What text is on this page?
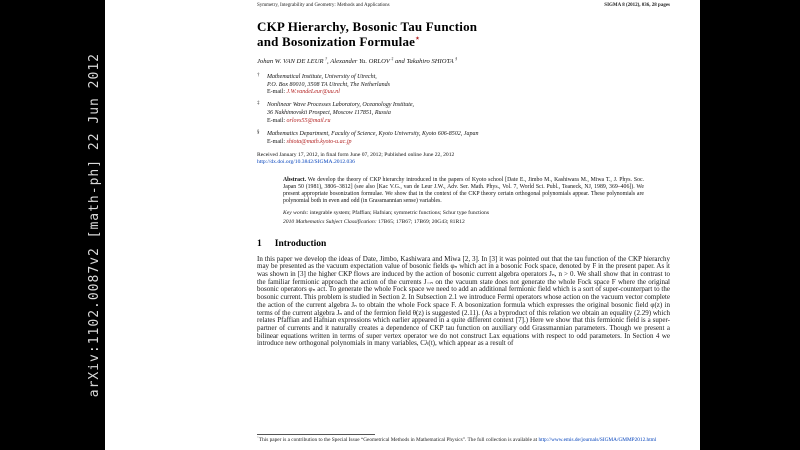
arXiv:1102.0087v2 [math-ph] 22 Jun 2012
Symmetry, Integrability and Geometry: Methods and Applications	SIGMA 8 (2012), 036, 28 pages
CKP Hierarchy, Bosonic Tau Function
and Bosonization Formulae⋆
Johan W. VAN DE LEUR †, Alexander Yu. ORLOV ‡ and Takahiro SHIOTA §
† Mathematical Institute, University of Utrecht,
P.O. Box 80010, 3508 TA Utrecht, The Netherlands
E-mail: J.W.vandeLeur@uu.nl
‡ Nonlinear Wave Processes Laboratory, Oceanology Institute,
36 Nakhimovskii Prospect, Moscow 117851, Russia
E-mail: orlovs55@mail.ru
§ Mathematics Department, Faculty of Science, Kyoto University, Kyoto 606-8502, Japan
E-mail: shiota@math.kyoto-u.ac.jp
Received January 17, 2012, in final form June 07, 2012; Published online June 22, 2012
http://dx.doi.org/10.3842/SIGMA.2012.036
Abstract. We develop the theory of CKP hierarchy introduced in the papers of Kyoto school [Date E., Jimbo M., Kashiwara M., Miwa T., J. Phys. Soc. Japan 50 (1981), 3806–3812] (see also [Kac V.G., van de Leur J.W., Adv. Ser. Math. Phys., Vol. 7, World Sci. Publ., Teaneck, NJ, 1989, 369–406]). We present appropriate bosonization formulae. We show that in the context of the CKP theory certain orthogonal polynomials appear. These polynomials are polynomial both in even and odd (in Grassmannian sense) variables.
Key words: integrable system; Pfaffian; Hafnian; symmetric functions; Schur type functions
2010 Mathematics Subject Classification: 17B65; 17B67; 17B69; 20G43; 81R12
1 Introduction

In this paper we develop the ideas of Date, Jimbo, Kashiwara and Miwa [2, 3]. In [3] it was pointed out that the tau function of the CKP hierarchy may be presented as the vacuum expectation value of bosonic fields φₙ which act in a bosonic Fock space, denoted by F in the present paper. As it was shown in [3] the higher CKP flows are induced by the action of bosonic current algebra operators Jₙ, n > 0. We shall show that in contrast to the familiar fermionic approach the action of the currents J₋ₙ on the vacuum state does not generate the whole Fock space F where the original bosonic operators φₙ act. To generate the whole Fock space we need to add an additional fermionic field which is a sort of super-counterpart to the bosonic current. This problem is studied in Section 2. In Subsection 2.1 we introduce Fermi operators whose action on the vacuum vector complete the action of the current algebra Jₙ to obtain the whole Fock space F. A bosonization formula which expresses the original bosonic field φ(z) in terms of the current algebra Jₙ and of the fermion field θ(z) is suggested (2.11). (As a byproduct of this relation we obtain an equality (2.29) which relates Pfaffian and Hafnian expressions which earlier appeared in a quite different context [7].) Here we show that this fermionic field is a super-partner of currents and it naturally creates a dependence of CKP tau function on auxiliary odd Grassmannian parameters. Though we present a bilinear equations written in terms of super vertex operator we do not construct Lax equations with respect to odd parameters. In Section 4 we introduce new orthogonal polynomials in many variables, Cλ(t), which appear as a result of

⋆This paper is a contribution to the Special Issue “Geometrical Methods in Mathematical Physics”. The full collection is available at http://www.emis.de/journals/SIGMA/GMMP2012.html
